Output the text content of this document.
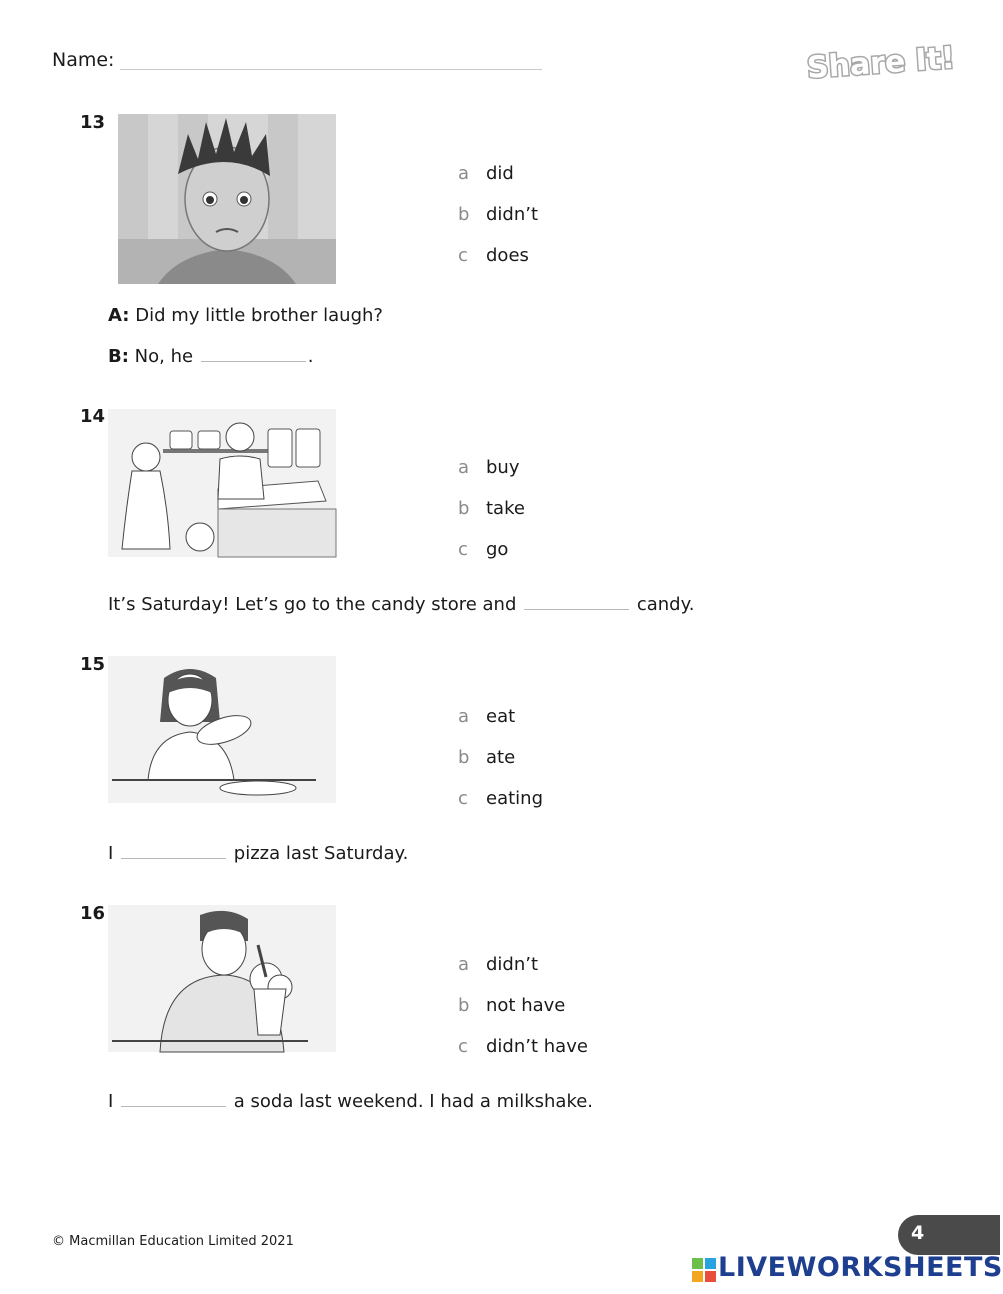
Name:	Share It!
13
a did
b didn’t
c does
A: Did my little brother laugh?
B: No, he	.
14
a buy
b take
c go
It’s Saturday! Let’s go to the candy store and	candy.
15
a eat
b ate
c eating
I	pizza last Saturday.
16
a didn’t
b not have
c didn’t have
I	a soda last weekend. I had a milkshake.
© Macmillan Education Limited 2021	4
LIVEWORKSHEETS
